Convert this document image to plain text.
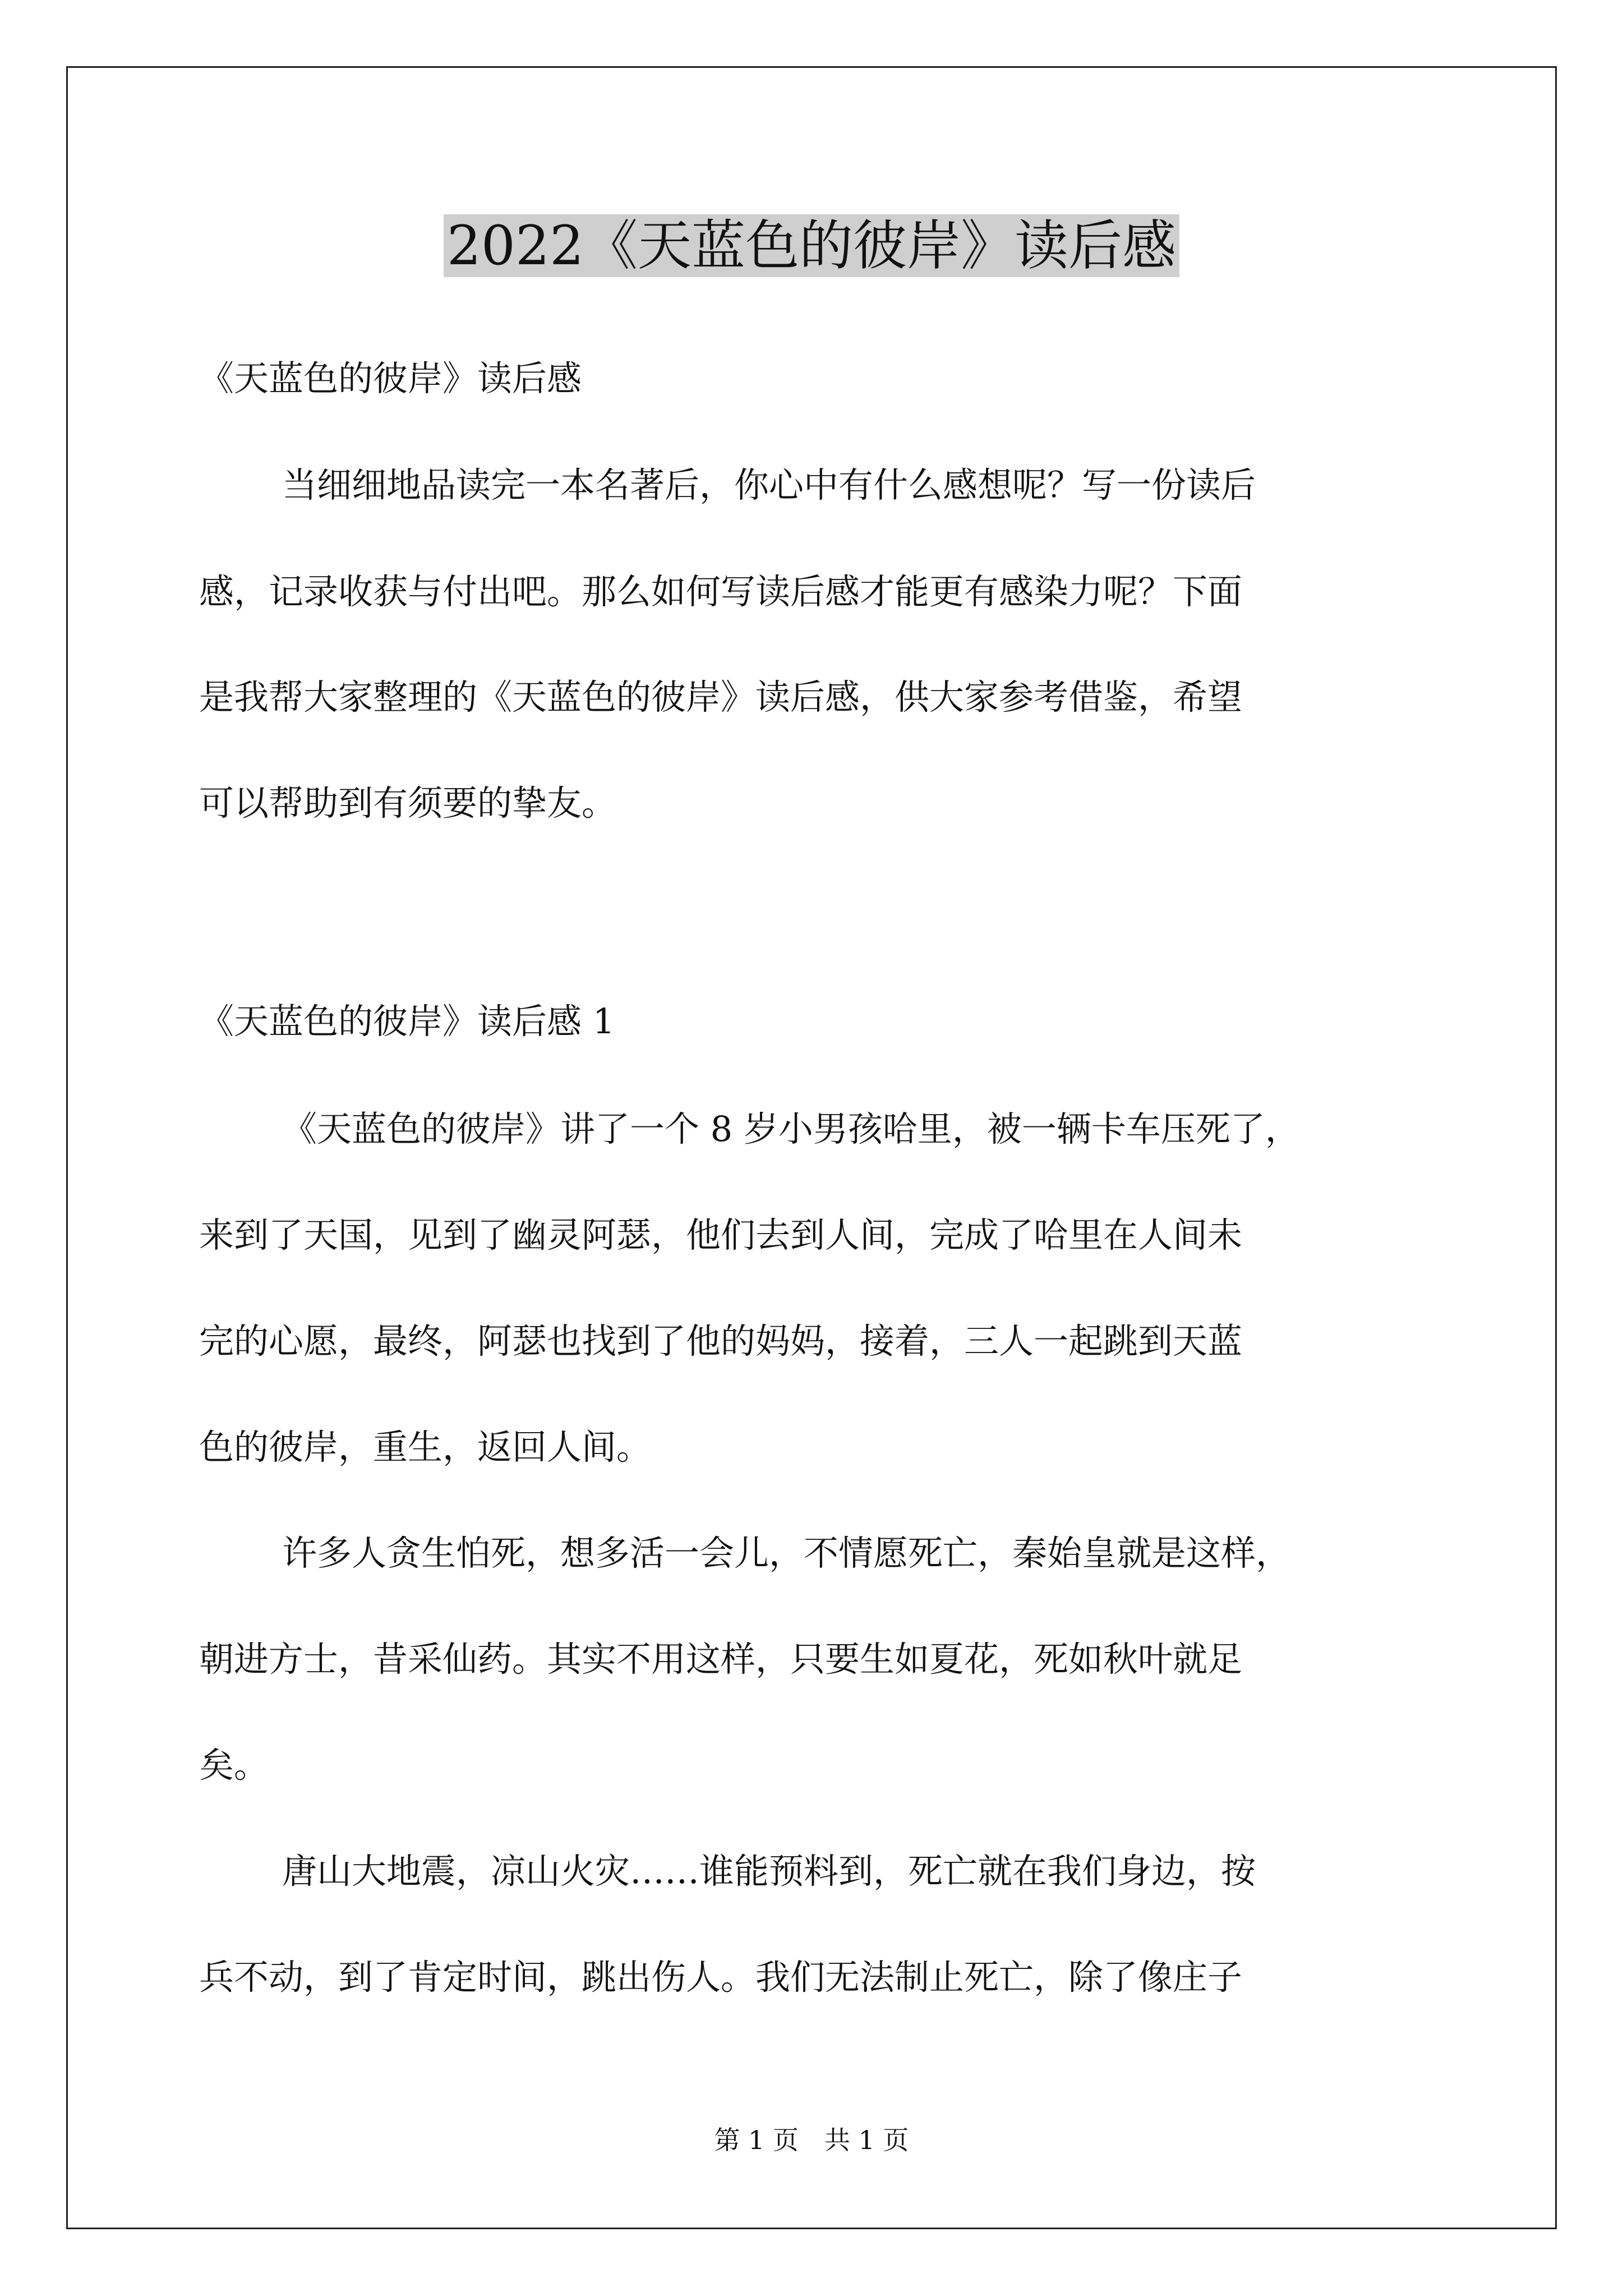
2022《天蓝色的彼岸》读后感
《天蓝色的彼岸》读后感
当细细地品读完一本名著后，你心中有什么感想呢？写一份读后
感，记录收获与付出吧。那么如何写读后感才能更有感染力呢？下面
是我帮大家整理的《天蓝色的彼岸》读后感，供大家参考借鉴，希望
可以帮助到有须要的挚友。
《天蓝色的彼岸》读后感 1
《天蓝色的彼岸》讲了一个 8 岁小男孩哈里，被一辆卡车压死了，
来到了天国，见到了幽灵阿瑟，他们去到人间，完成了哈里在人间未
完的心愿，最终，阿瑟也找到了他的妈妈，接着，三人一起跳到天蓝
色的彼岸，重生，返回人间。
许多人贪生怕死，想多活一会儿，不情愿死亡，秦始皇就是这样，
朝进方士，昔采仙药。其实不用这样，只要生如夏花，死如秋叶就足
矣。
唐山大地震，凉山火灾……谁能预料到，死亡就在我们身边，按
兵不动，到了肯定时间，跳出伤人。我们无法制止死亡，除了像庄子
第 1 页　共 1 页
